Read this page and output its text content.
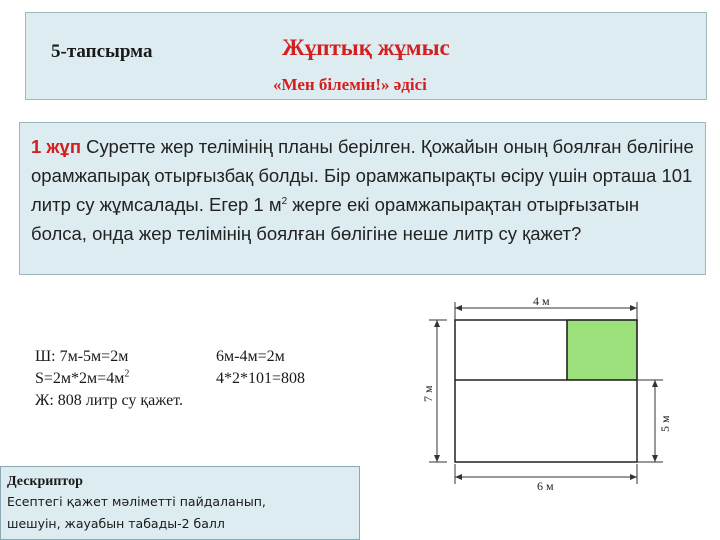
5-тапсырма	Жұптық жұмыс
«Мен білемін!» әдісі
1 жұп Суретте жер телімінің планы берілген. Қожайын оның боялған бөлігіне орамжапырақ отырғызбақ болды. Бір орамжапырақты өсіру үшін орташа 101 литр су жұмсалады. Егер 1 $м^2$ жерге екі орамжапырақтан отырғызатын болса, онда жер телімінің боялған бөлігіне неше литр су қажет?
Ш: 7м-5м=2м	6м-4м=2м
$S=2м*2м=4м^2$	4*2*101=808
Ж: 808 литр су қажет.
Дескриптор
Есептегі қажет мәліметті пайдаланып,
шешуін, жауабын табады-2 балл
4 м
7 м
5 м
6 м
